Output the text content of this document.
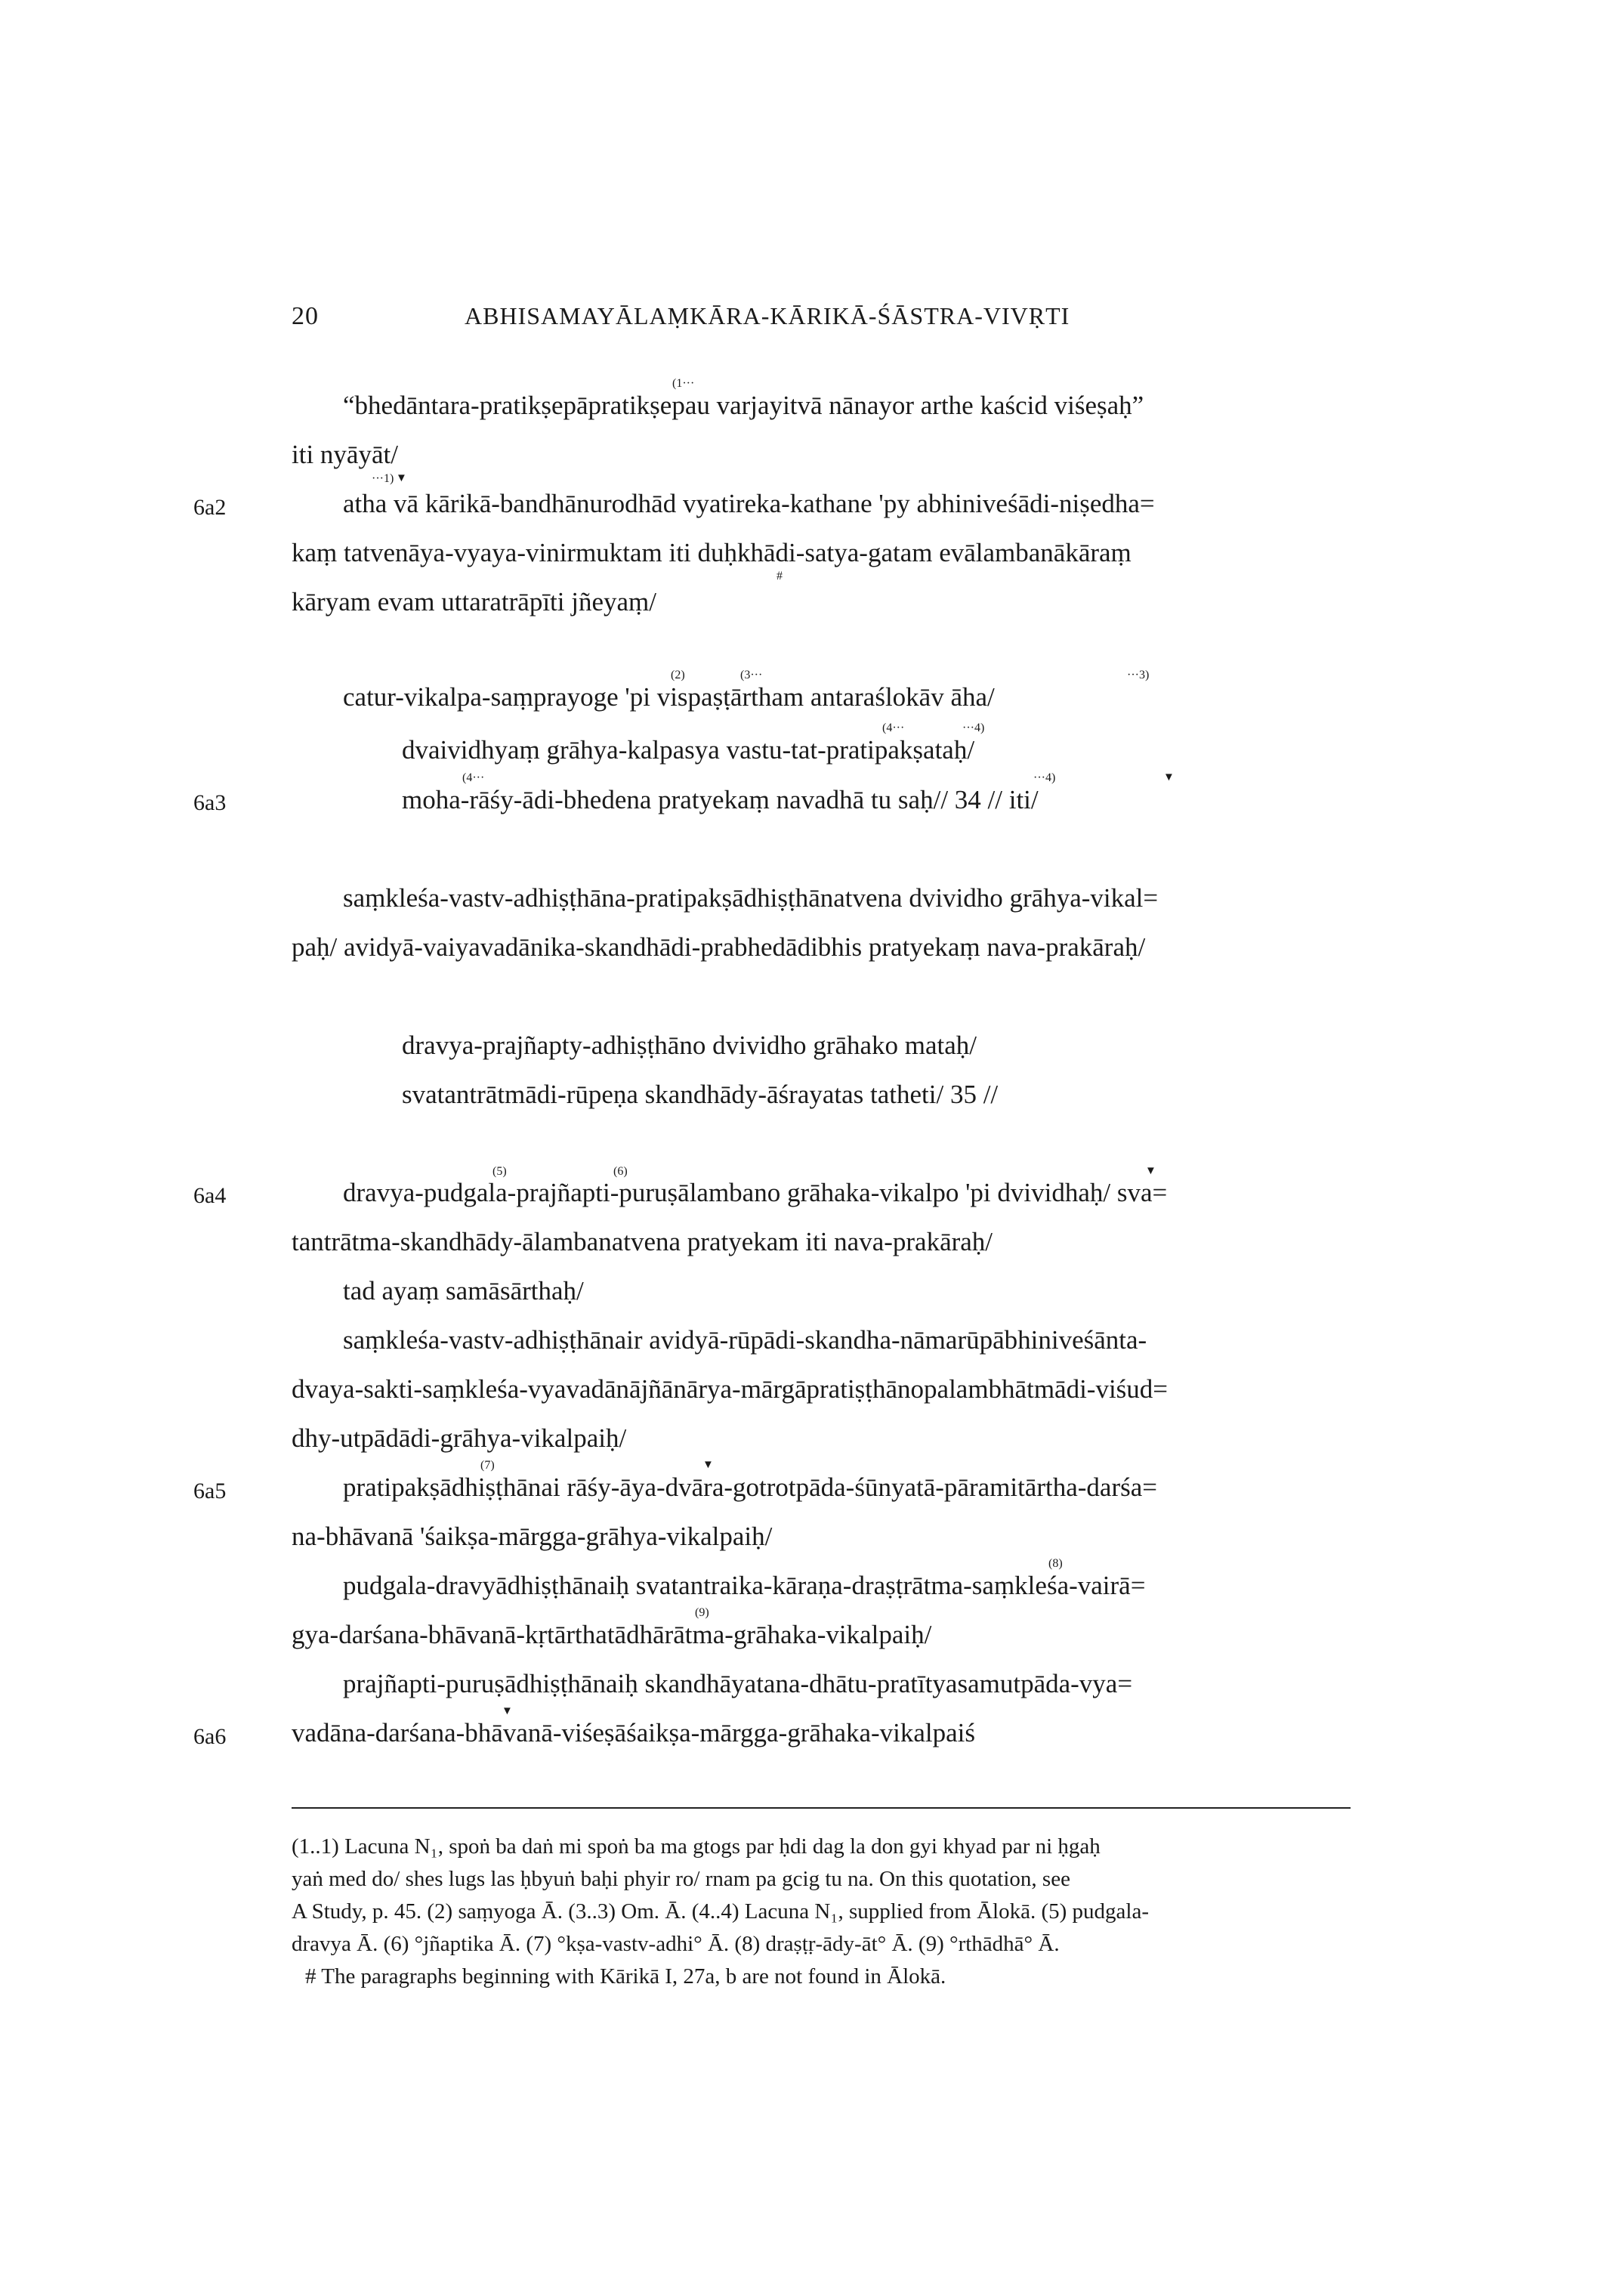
20	ABHISAMAYĀLAṂKĀRA-KĀRIKĀ-ŚĀSTRA-VIVṚTI
6a2
6a3
6a4
6a5
6a6
(1···
···1) ▼
#
(2)	(3···	···3)
(4···	···4)
(4···	···4)	▼
(5)	(6)	▼
(7)	▼
(8)
(9)
▼
“bhedāntara-pratikṣepāpratikṣepau varjayitvā nānayor arthe kaścid viśeṣaḥ”
iti nyāyāt/
atha vā kārikā-bandhānurodhād vyatireka-kathane 'py abhiniveśādi-niṣedha=
kaṃ tatvenāya-vyaya-vinirmuktam iti duḥkhādi-satya-gatam evālambanākāraṃ
kāryam evam uttaratrāpīti jñeyaṃ/
catur-vikalpa-saṃprayoge 'pi vispaṣṭārtham antaraślokāv āha/
dvaividhyaṃ grāhya-kalpasya vastu-tat-pratipakṣataḥ/
moha-rāśy-ādi-bhedena pratyekaṃ navadhā tu saḥ// 34 // iti/
saṃkleśa-vastv-adhiṣṭhāna-pratipakṣādhiṣṭhānatvena dvividho grāhya-vikal=
paḥ/ avidyā-vaiyavadānika-skandhādi-prabhedādibhis pratyekaṃ nava-prakāraḥ/
dravya-prajñapty-adhiṣṭhāno dvividho grāhako mataḥ/
svatantrātmādi-rūpeṇa skandhādy-āśrayatas tatheti/ 35 //
dravya-pudgala-prajñapti-puruṣālambano grāhaka-vikalpo 'pi dvividhaḥ/ sva=
tantrātma-skandhādy-ālambanatvena pratyekam iti nava-prakāraḥ/
tad ayaṃ samāsārthaḥ/
saṃkleśa-vastv-adhiṣṭhānair avidyā-rūpādi-skandha-nāmarūpābhiniveśānta-
dvaya-sakti-saṃkleśa-vyavadānājñānārya-mārgāpratiṣṭhānopalambhātmādi-viśud=
dhy-utpādādi-grāhya-vikalpaiḥ/
pratipakṣādhiṣṭhānai rāśy-āya-dvāra-gotrotpāda-śūnyatā-pāramitārtha-darśa=
na-bhāvanā 'śaikṣa-mārgga-grāhya-vikalpaiḥ/
pudgala-dravyādhiṣṭhānaiḥ svatantraika-kāraṇa-draṣṭrātma-saṃkleśa-vairā=
gya-darśana-bhāvanā-kṛtārthatādhārātma-grāhaka-vikalpaiḥ/
prajñapti-puruṣādhiṣṭhānaiḥ skandhāyatana-dhātu-pratītyasamutpāda-vya=
vadāna-darśana-bhāvanā-viśeṣāśaikṣa-mārgga-grāhaka-vikalpaiś
(1..1) Lacuna N₁, spoṅ ba daṅ mi spoṅ ba ma gtogs par ḥdi dag la don gyi khyad par ni ḥgaḥ
yaṅ med do/ shes lugs las ḥbyuṅ baḥi phyir ro/ rnam pa gcig tu na. On this quotation, see
A Study, p. 45. (2) saṃyoga Ā. (3..3) Om. Ā. (4..4) Lacuna N₁, supplied from Ālokā. (5) pudgala-
dravya Ā. (6) °jñaptika Ā. (7) °kṣa-vastv-adhi° Ā. (8) draṣṭṛ-ādy-āt° Ā. (9) °rthādhā° Ā.
# The paragraphs beginning with Kārikā I, 27a, b are not found in Ālokā.
